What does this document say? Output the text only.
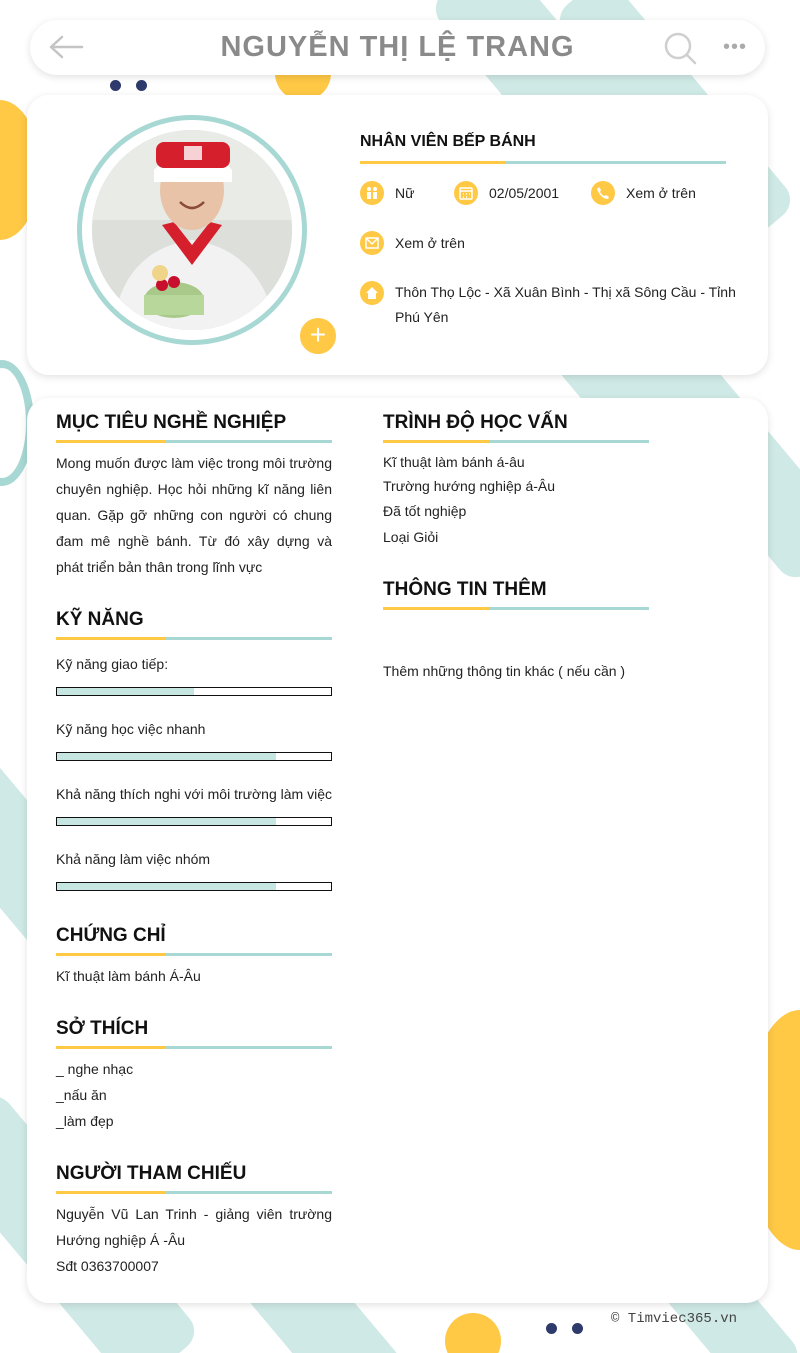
NGUYỄN THỊ LỆ TRANG	•••
+
NHÂN VIÊN BẾP BÁNH
Nữ	02/05/2001	Xem ở trên
Xem ở trên
Thôn Thọ Lộc - Xã Xuân Bình - Thị xã Sông Cầu - Tỉnh
Phú Yên
MỤC TIÊU NGHỀ NGHIỆP
Mong muốn được làm việc trong môi trường chuyên nghiệp. Học hỏi những kĩ năng liên quan. Gặp gỡ những con người có chung đam mê nghề bánh. Từ đó xây dựng và phát triển bản thân trong lĩnh vực
KỸ NĂNG
Kỹ năng giao tiếp:
Kỹ năng học việc nhanh
Khả năng thích nghi với môi trường làm việc
Khả năng làm việc nhóm
CHỨNG CHỈ
Kĩ thuật làm bánh Á-Âu
SỞ THÍCH
_ nghe nhạc
_nấu ăn
_làm đẹp
NGƯỜI THAM CHIẾU
Nguyễn Vũ Lan Trinh - giảng viên trường
Hướng nghiệp Á -Âu
Sđt 0363700007
TRÌNH ĐỘ HỌC VẤN
Kĩ thuật làm bánh á-âu
Trường hướng nghiệp á-Âu
Đã tốt nghiệp
Loại Giỏi
THÔNG TIN THÊM
Thêm những thông tin khác ( nếu cần )
© Timviec365.vn
